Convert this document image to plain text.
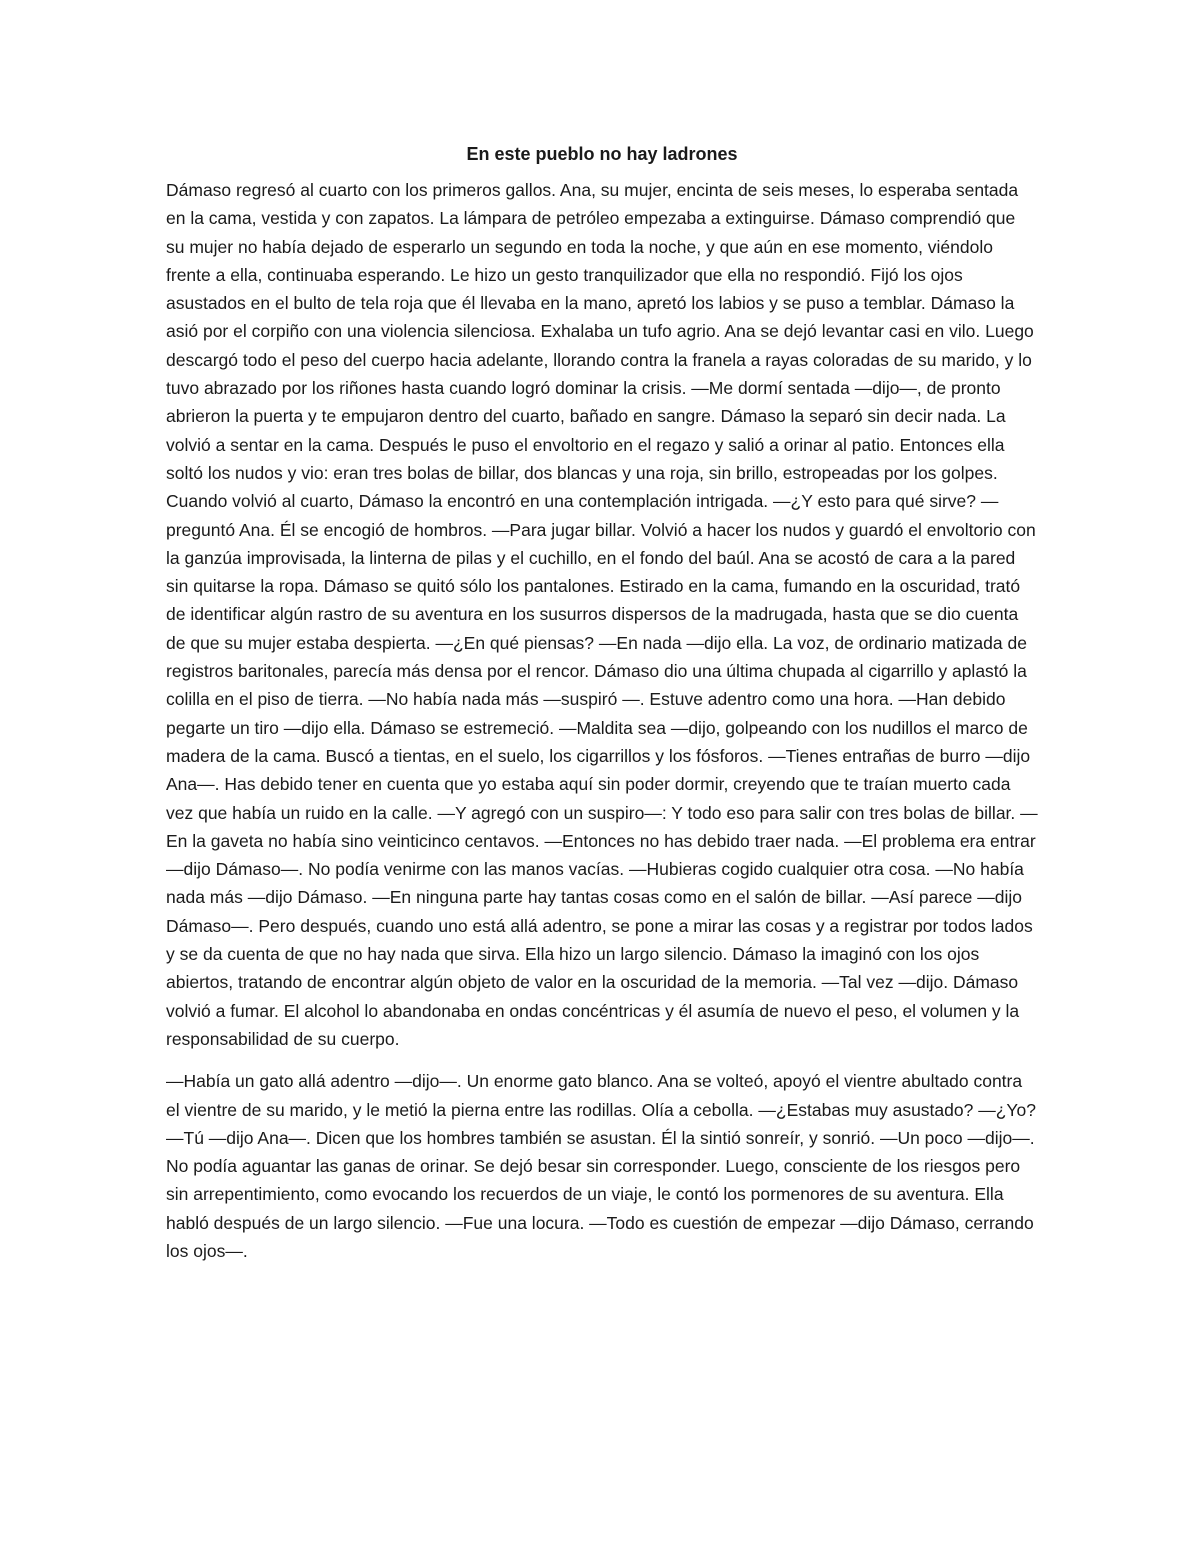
En este pueblo no hay ladrones

Dámaso regresó al cuarto con los primeros gallos. Ana, su mujer, encinta de seis meses, lo esperaba sentada en la cama, vestida y con zapatos. La lámpara de petróleo empezaba a extinguirse. Dámaso comprendió que su mujer no había dejado de esperarlo un segundo en toda la noche, y que aún en ese momento, viéndolo frente a ella, continuaba esperando. Le hizo un gesto tranquilizador que ella no respondió. Fijó los ojos asustados en el bulto de tela roja que él llevaba en la mano, apretó los labios y se puso a temblar. Dámaso la asió por el corpiño con una violencia silenciosa. Exhalaba un tufo agrio. Ana se dejó levantar casi en vilo. Luego descargó todo el peso del cuerpo hacia adelante, llorando contra la franela a rayas coloradas de su marido, y lo tuvo abrazado por los riñones hasta cuando logró dominar la crisis. —Me dormí sentada —dijo—, de pronto abrieron la puerta y te empujaron dentro del cuarto, bañado en sangre. Dámaso la separó sin decir nada. La volvió a sentar en la cama. Después le puso el envoltorio en el regazo y salió a orinar al patio. Entonces ella soltó los nudos y vio: eran tres bolas de billar, dos blancas y una roja, sin brillo, estropeadas por los golpes. Cuando volvió al cuarto, Dámaso la encontró en una contemplación intrigada. —¿Y esto para qué sirve? —preguntó Ana. Él se encogió de hombros. —Para jugar billar. Volvió a hacer los nudos y guardó el envoltorio con la ganzúa improvisada, la linterna de pilas y el cuchillo, en el fondo del baúl. Ana se acostó de cara a la pared sin quitarse la ropa. Dámaso se quitó sólo los pantalones. Estirado en la cama, fumando en la oscuridad, trató de identificar algún rastro de su aventura en los susurros dispersos de la madrugada, hasta que se dio cuenta de que su mujer estaba despierta. —¿En qué piensas? —En nada —dijo ella. La voz, de ordinario matizada de registros baritonales, parecía más densa por el rencor. Dámaso dio una última chupada al cigarrillo y aplastó la colilla en el piso de tierra. —No había nada más —suspiró —. Estuve adentro como una hora. —Han debido pegarte un tiro —dijo ella. Dámaso se estremeció. —Maldita sea —dijo, golpeando con los nudillos el marco de madera de la cama. Buscó a tientas, en el suelo, los cigarrillos y los fósforos. —Tienes entrañas de burro —dijo Ana—. Has debido tener en cuenta que yo estaba aquí sin poder dormir, creyendo que te traían muerto cada vez que había un ruido en la calle. —Y agregó con un suspiro—: Y todo eso para salir con tres bolas de billar. —En la gaveta no había sino veinticinco centavos. —Entonces no has debido traer nada. —El problema era entrar —dijo Dámaso—. No podía venirme con las manos vacías. —Hubieras cogido cualquier otra cosa. —No había nada más —dijo Dámaso. —En ninguna parte hay tantas cosas como en el salón de billar. —Así parece —dijo Dámaso—. Pero después, cuando uno está allá adentro, se pone a mirar las cosas y a registrar por todos lados y se da cuenta de que no hay nada que sirva. Ella hizo un largo silencio. Dámaso la imaginó con los ojos abiertos, tratando de encontrar algún objeto de valor en la oscuridad de la memoria. —Tal vez —dijo. Dámaso volvió a fumar. El alcohol lo abandonaba en ondas concéntricas y él asumía de nuevo el peso, el volumen y la responsabilidad de su cuerpo.

—Había un gato allá adentro —dijo—. Un enorme gato blanco. Ana se volteó, apoyó el vientre abultado contra el vientre de su marido, y le metió la pierna entre las rodillas. Olía a cebolla. —¿Estabas muy asustado? —¿Yo? —Tú —dijo Ana—. Dicen que los hombres también se asustan. Él la sintió sonreír, y sonrió. —Un poco —dijo—. No podía aguantar las ganas de orinar. Se dejó besar sin corresponder. Luego, consciente de los riesgos pero sin arrepentimiento, como evocando los recuerdos de un viaje, le contó los pormenores de su aventura. Ella habló después de un largo silencio. —Fue una locura. —Todo es cuestión de empezar —dijo Dámaso, cerrando los ojos—.
